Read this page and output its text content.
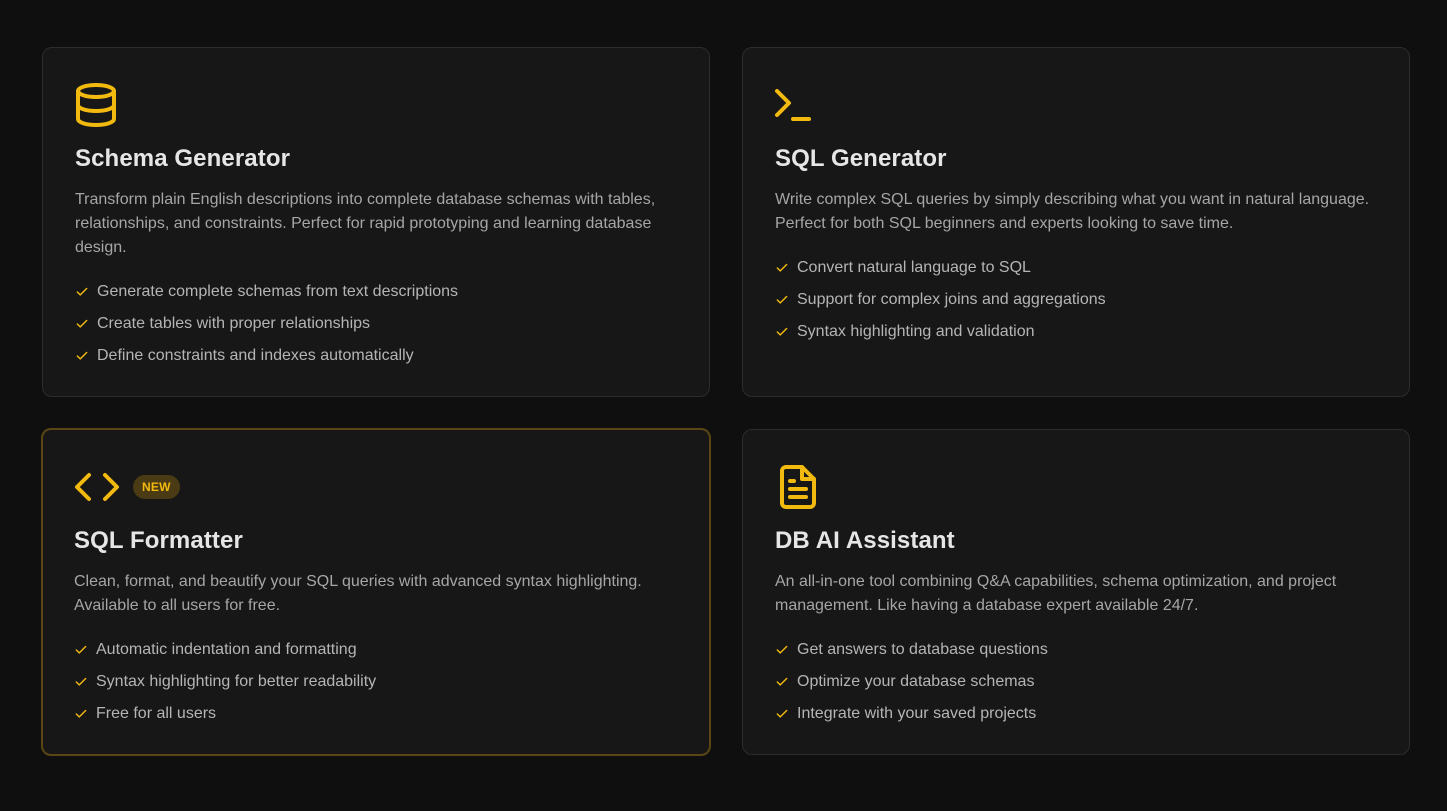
Schema Generator

Transform plain English descriptions into complete database schemas with tables, relationships, and constraints. Perfect for rapid prototyping and learning database design.

Generate complete schemas from text descriptions
Create tables with proper relationships
Define constraints and indexes automatically
SQL Generator

Write complex SQL queries by simply describing what you want in natural language. Perfect for both SQL beginners and experts looking to save time.

Convert natural language to SQL
Support for complex joins and aggregations
Syntax highlighting and validation
NEW
SQL Formatter

Clean, format, and beautify your SQL queries with advanced syntax highlighting. Available to all users for free.

Automatic indentation and formatting
Syntax highlighting for better readability
Free for all users
DB AI Assistant

An all-in-one tool combining Q&A capabilities, schema optimization, and project management. Like having a database expert available 24/7.

Get answers to database questions
Optimize your database schemas
Integrate with your saved projects
